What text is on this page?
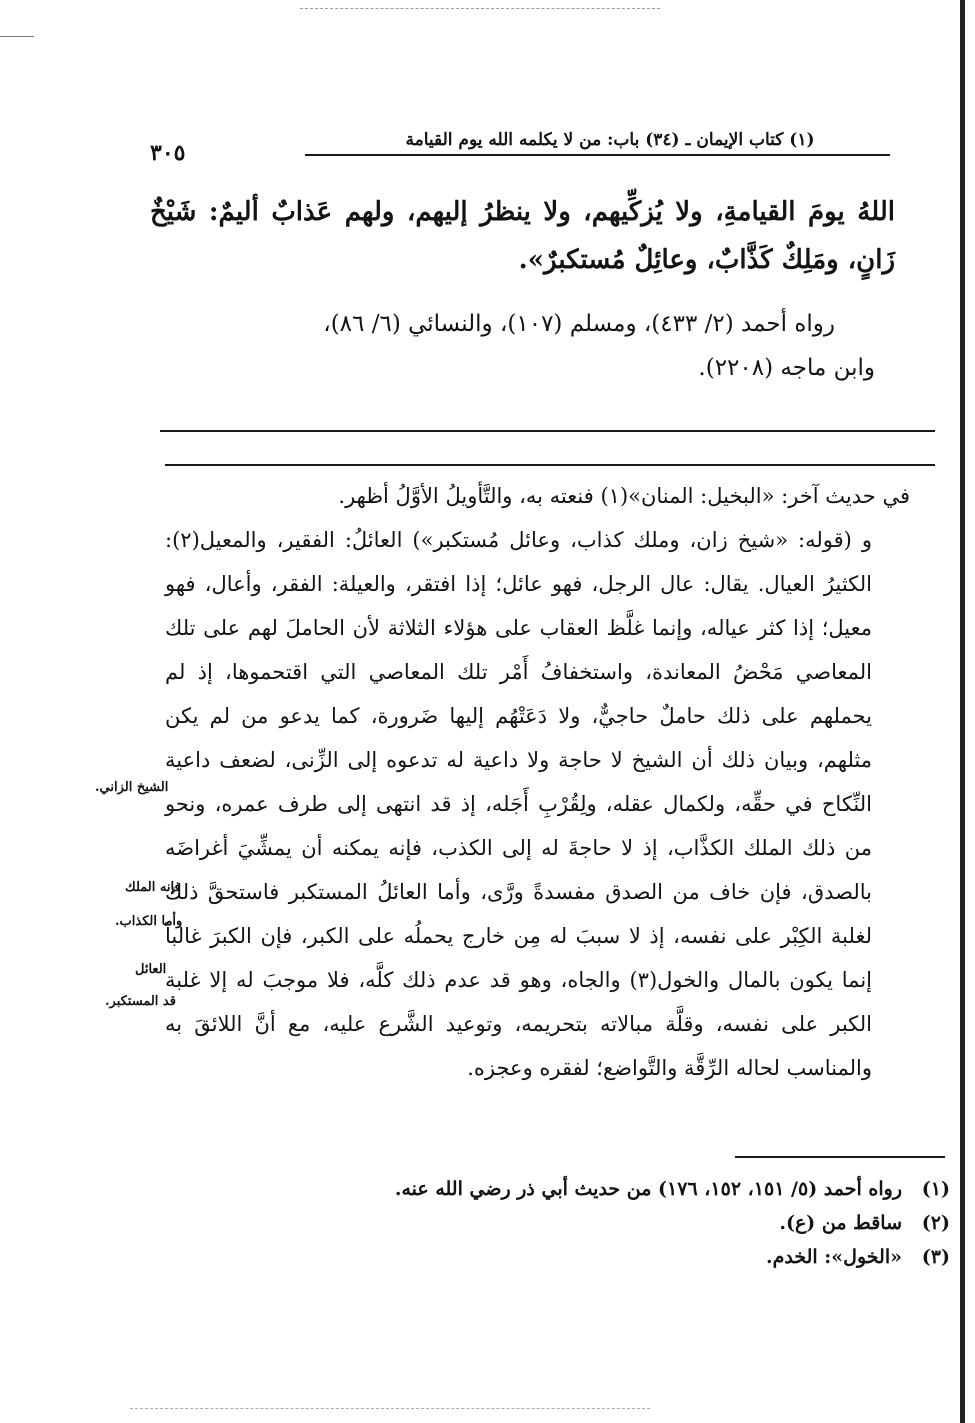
(١) كتاب الإيمان ـ (٣٤) باب: من لا يكلمه الله يوم القيامة
٣٠٥
اللهُ يومَ القيامةِ، ولا يُزكِّيهم، ولا ينظرُ إليهم، ولهم عَذابٌ أليمٌ: شَيْخٌ زَانٍ، ومَلِكٌ كَذَّابٌ، وعائِلٌ مُستكبرٌ».

رواه أحمد (٢/ ٤٣٣)، ومسلم (١٠٧)، والنسائي (٦/ ٨٦)،

وابن ماجه (٢٢٠٨).

في حديث آخر: «البخيل: المنان»(١) فنعته به، والتَّأويلُ الأوَّلُ أظهر.

و (قوله: «شيخ زان، وملك كذاب، وعائل مُستكبر») العائلُ: الفقير، والمعيل(٢): الكثيرُ العيال. يقال: عال الرجل، فهو عائل؛ إذا افتقر، والعيلة: الفقر، وأعال، فهو معيل؛ إذا كثر عياله، وإنما غلَّظ العقاب على هؤلاء الثلاثة لأن الحاملَ لهم على تلك المعاصي مَحْضُ المعاندة، واستخفافُ أَمْر تلك المعاصي التي اقتحموها، إذ لم يحملهم على ذلك حاملٌ حاجيٌّ، ولا دَعَتْهُم إليها ضَرورة، كما يدعو من لم يكن مثلهم، وبيان ذلك أن الشيخ لا حاجة ولا داعية له تدعوه إلى الزِّنى، لضعف داعية النِّكاح في حقِّه، ولكمال عقله، ولِقُرْبِ أَجَله، إذ قد انتهى إلى طرف عمره، ونحو من ذلك الملك الكذَّاب، إذ لا حاجةَ له إلى الكذب، فإنه يمكنه أن يمشِّيَ أغراضَه بالصدق، فإن خاف من الصدق مفسدةً ورَّى، وأما العائلُ المستكبر فاستحقَّ ذلك لغلبة الكِبْر على نفسه، إذ لا سببَ له مِن خارج يحملُه على الكبر، فإن الكبرَ غالباً إنما يكون بالمال والخول(٣) والجاه، وهو قد عدم ذلك كلَّه، فلا موجبَ له إلا غلبة الكبر على نفسه، وقلَّة مبالاته بتحريمه، وتوعيد الشَّرع عليه، مع أنَّ اللائقَ به والمناسب لحاله الرِّقَّة والتَّواضع؛ لفقره وعجزه.

الشيخ الزاني.
فإنه الملك
وأما الكذاب.
العائل
قد المستكبر.

(١)رواه أحمد (٥/ ١٥١، ١٥٢، ١٧٦) من حديث أبي ذر رضي الله عنه.

(٢)ساقط من (ع).

(٣)«الخول»: الخدم.
